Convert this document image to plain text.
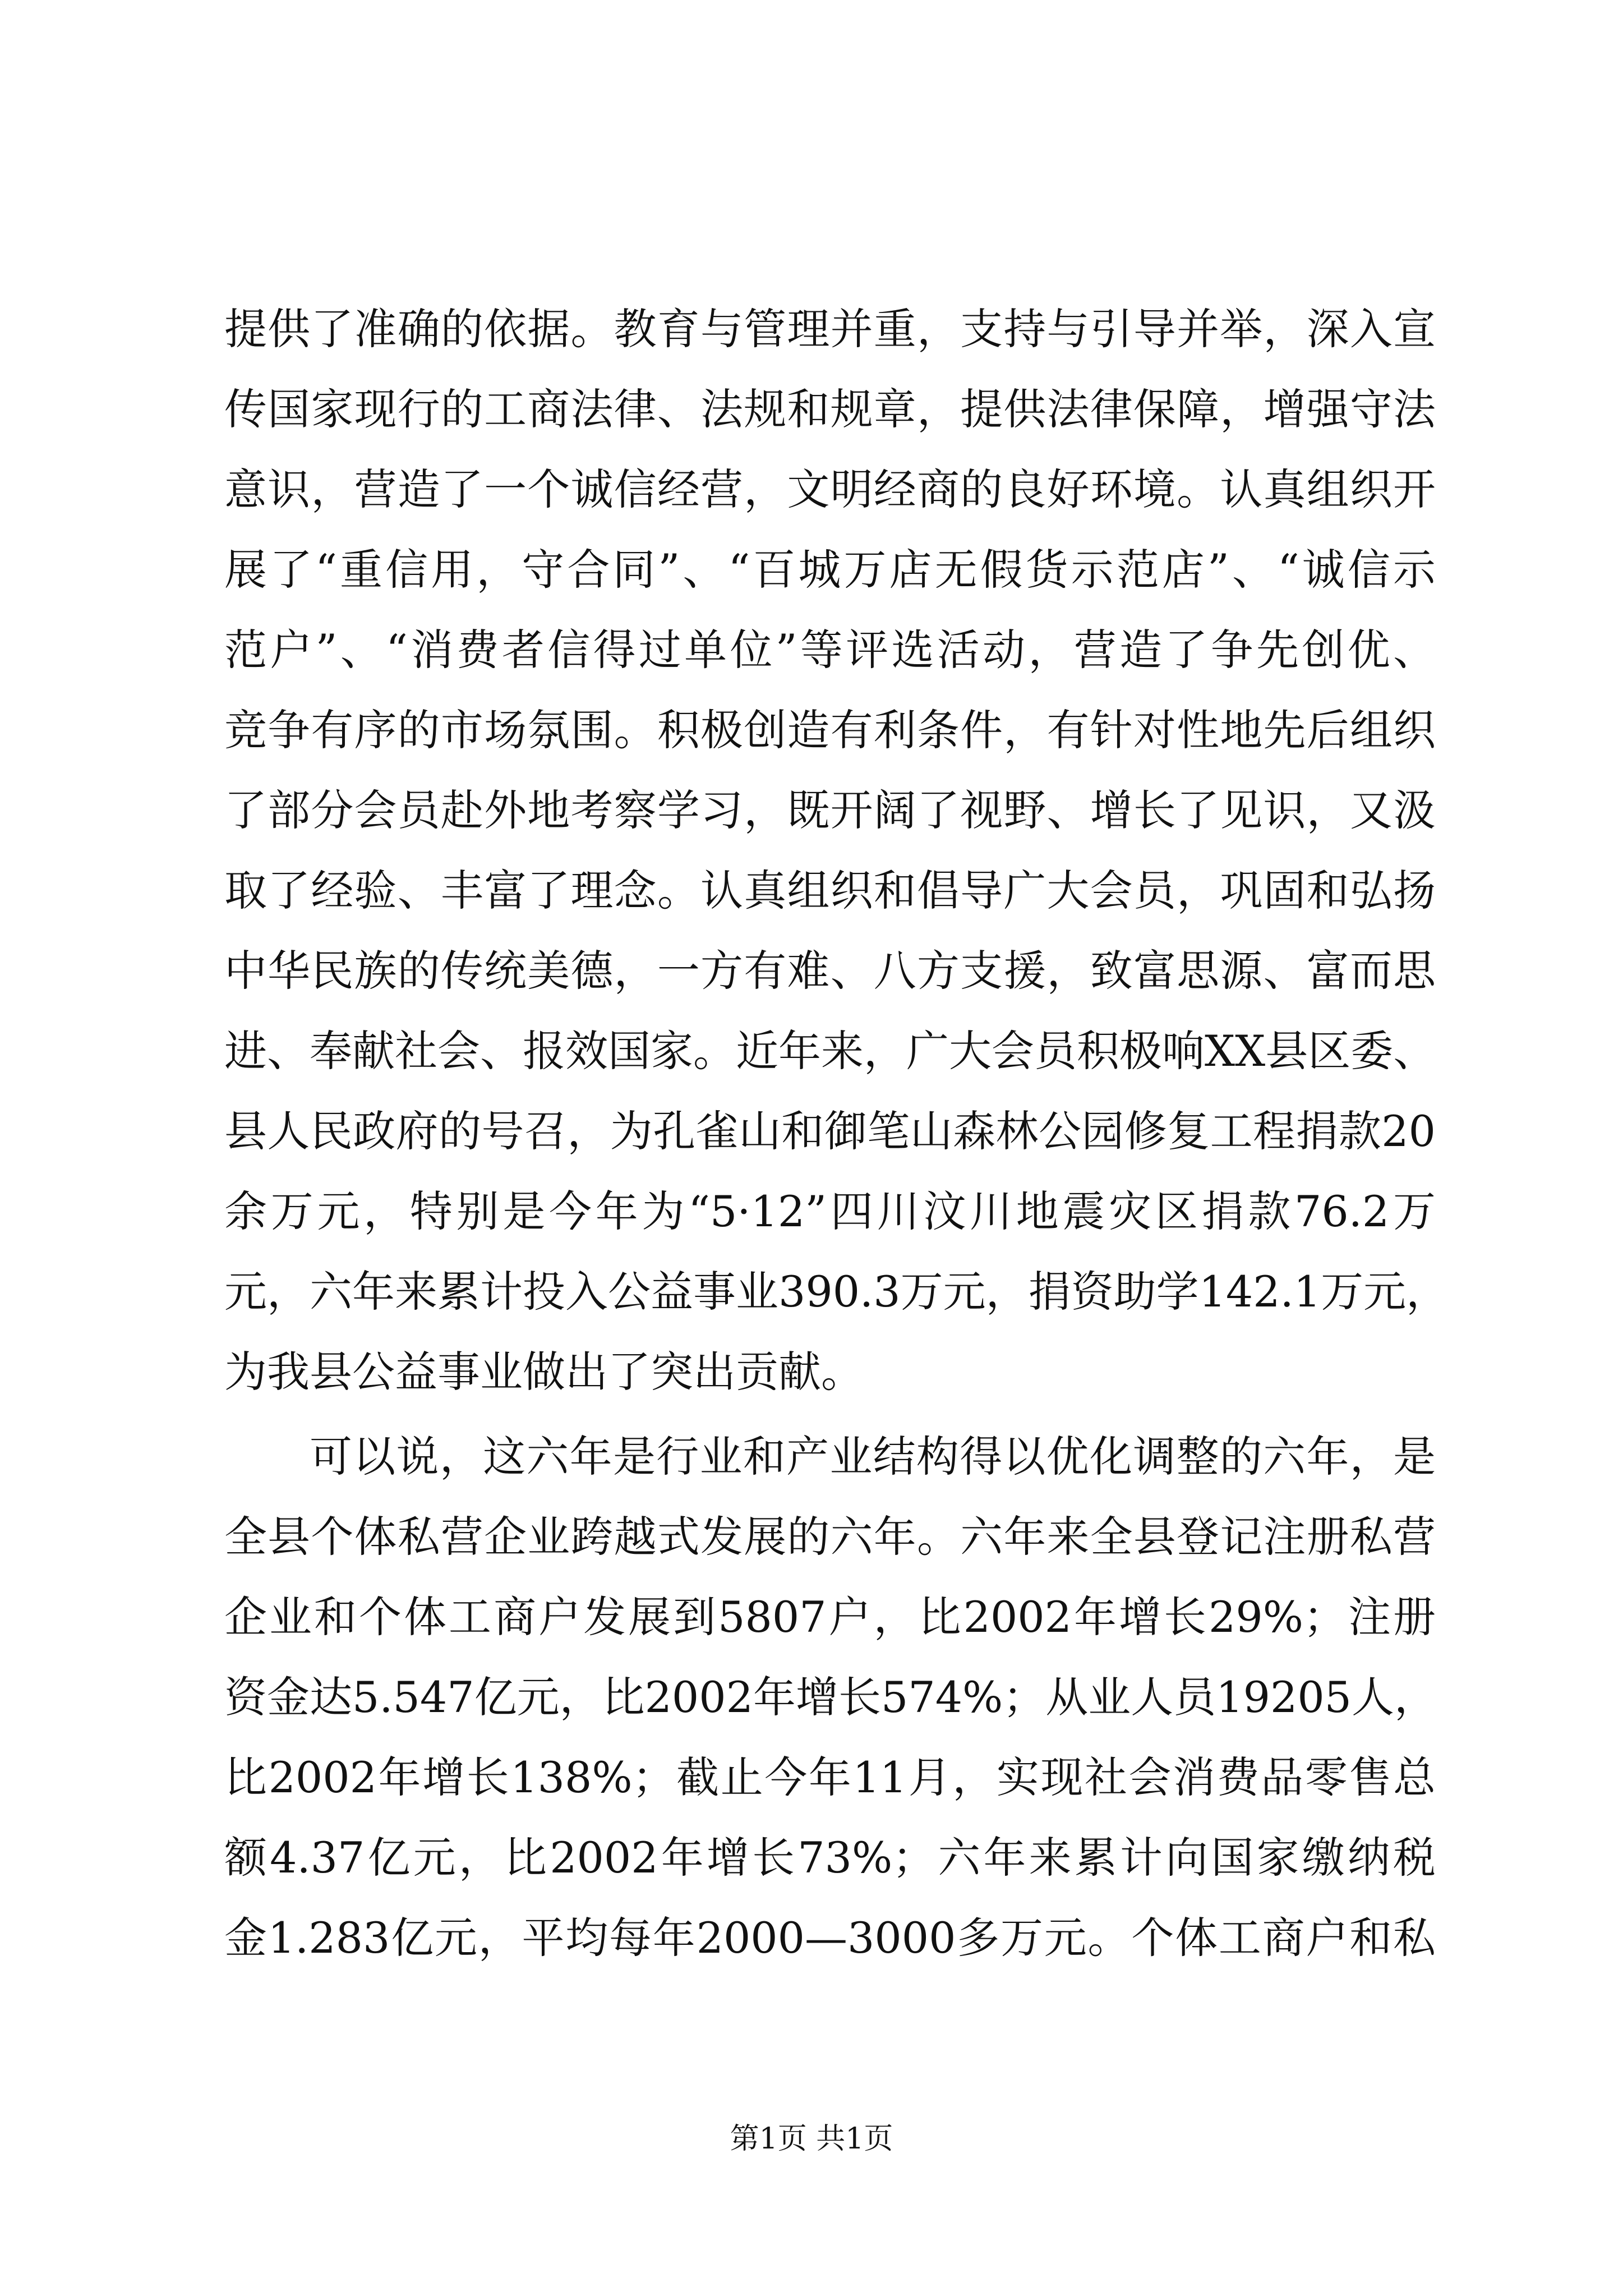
提供了准确的依据。教育与管理并重，支持与引导并举，深入宣
传国家现行的工商法律、法规和规章，提供法律保障，增强守法
意识，营造了一个诚信经营，文明经商的良好环境。认真组织开
展了“重信用，守合同”、“百城万店无假货示范店”、“诚信示
范户”、“消费者信得过单位”等评选活动，营造了争先创优、
竞争有序的市场氛围。积极创造有利条件，有针对性地先后组织
了部分会员赴外地考察学习，既开阔了视野、增长了见识，又汲
取了经验、丰富了理念。认真组织和倡导广大会员，巩固和弘扬
中华民族的传统美德，一方有难、八方支援，致富思源、富而思
进、奉献社会、报效国家。近年来，广大会员积极响XX县区委、
县人民政府的号召，为孔雀山和御笔山森林公园修复工程捐款20
余万元，特别是今年为“5·12”四川汶川地震灾区捐款76.2万
元，六年来累计投入公益事业390.3万元，捐资助学142.1万元，
为我县公益事业做出了突出贡献。
可以说，这六年是行业和产业结构得以优化调整的六年，是
全县个体私营企业跨越式发展的六年。六年来全县登记注册私营
企业和个体工商户发展到5807户，比2002年增长29%；注册
资金达5.547亿元，比2002年增长574%；从业人员19205人，
比2002年增长138%；截止今年11月，实现社会消费品零售总
额4.37亿元，比2002年增长73%；六年来累计向国家缴纳税
金1.283亿元，平均每年2000—3000多万元。个体工商户和私
第1页 共1页
